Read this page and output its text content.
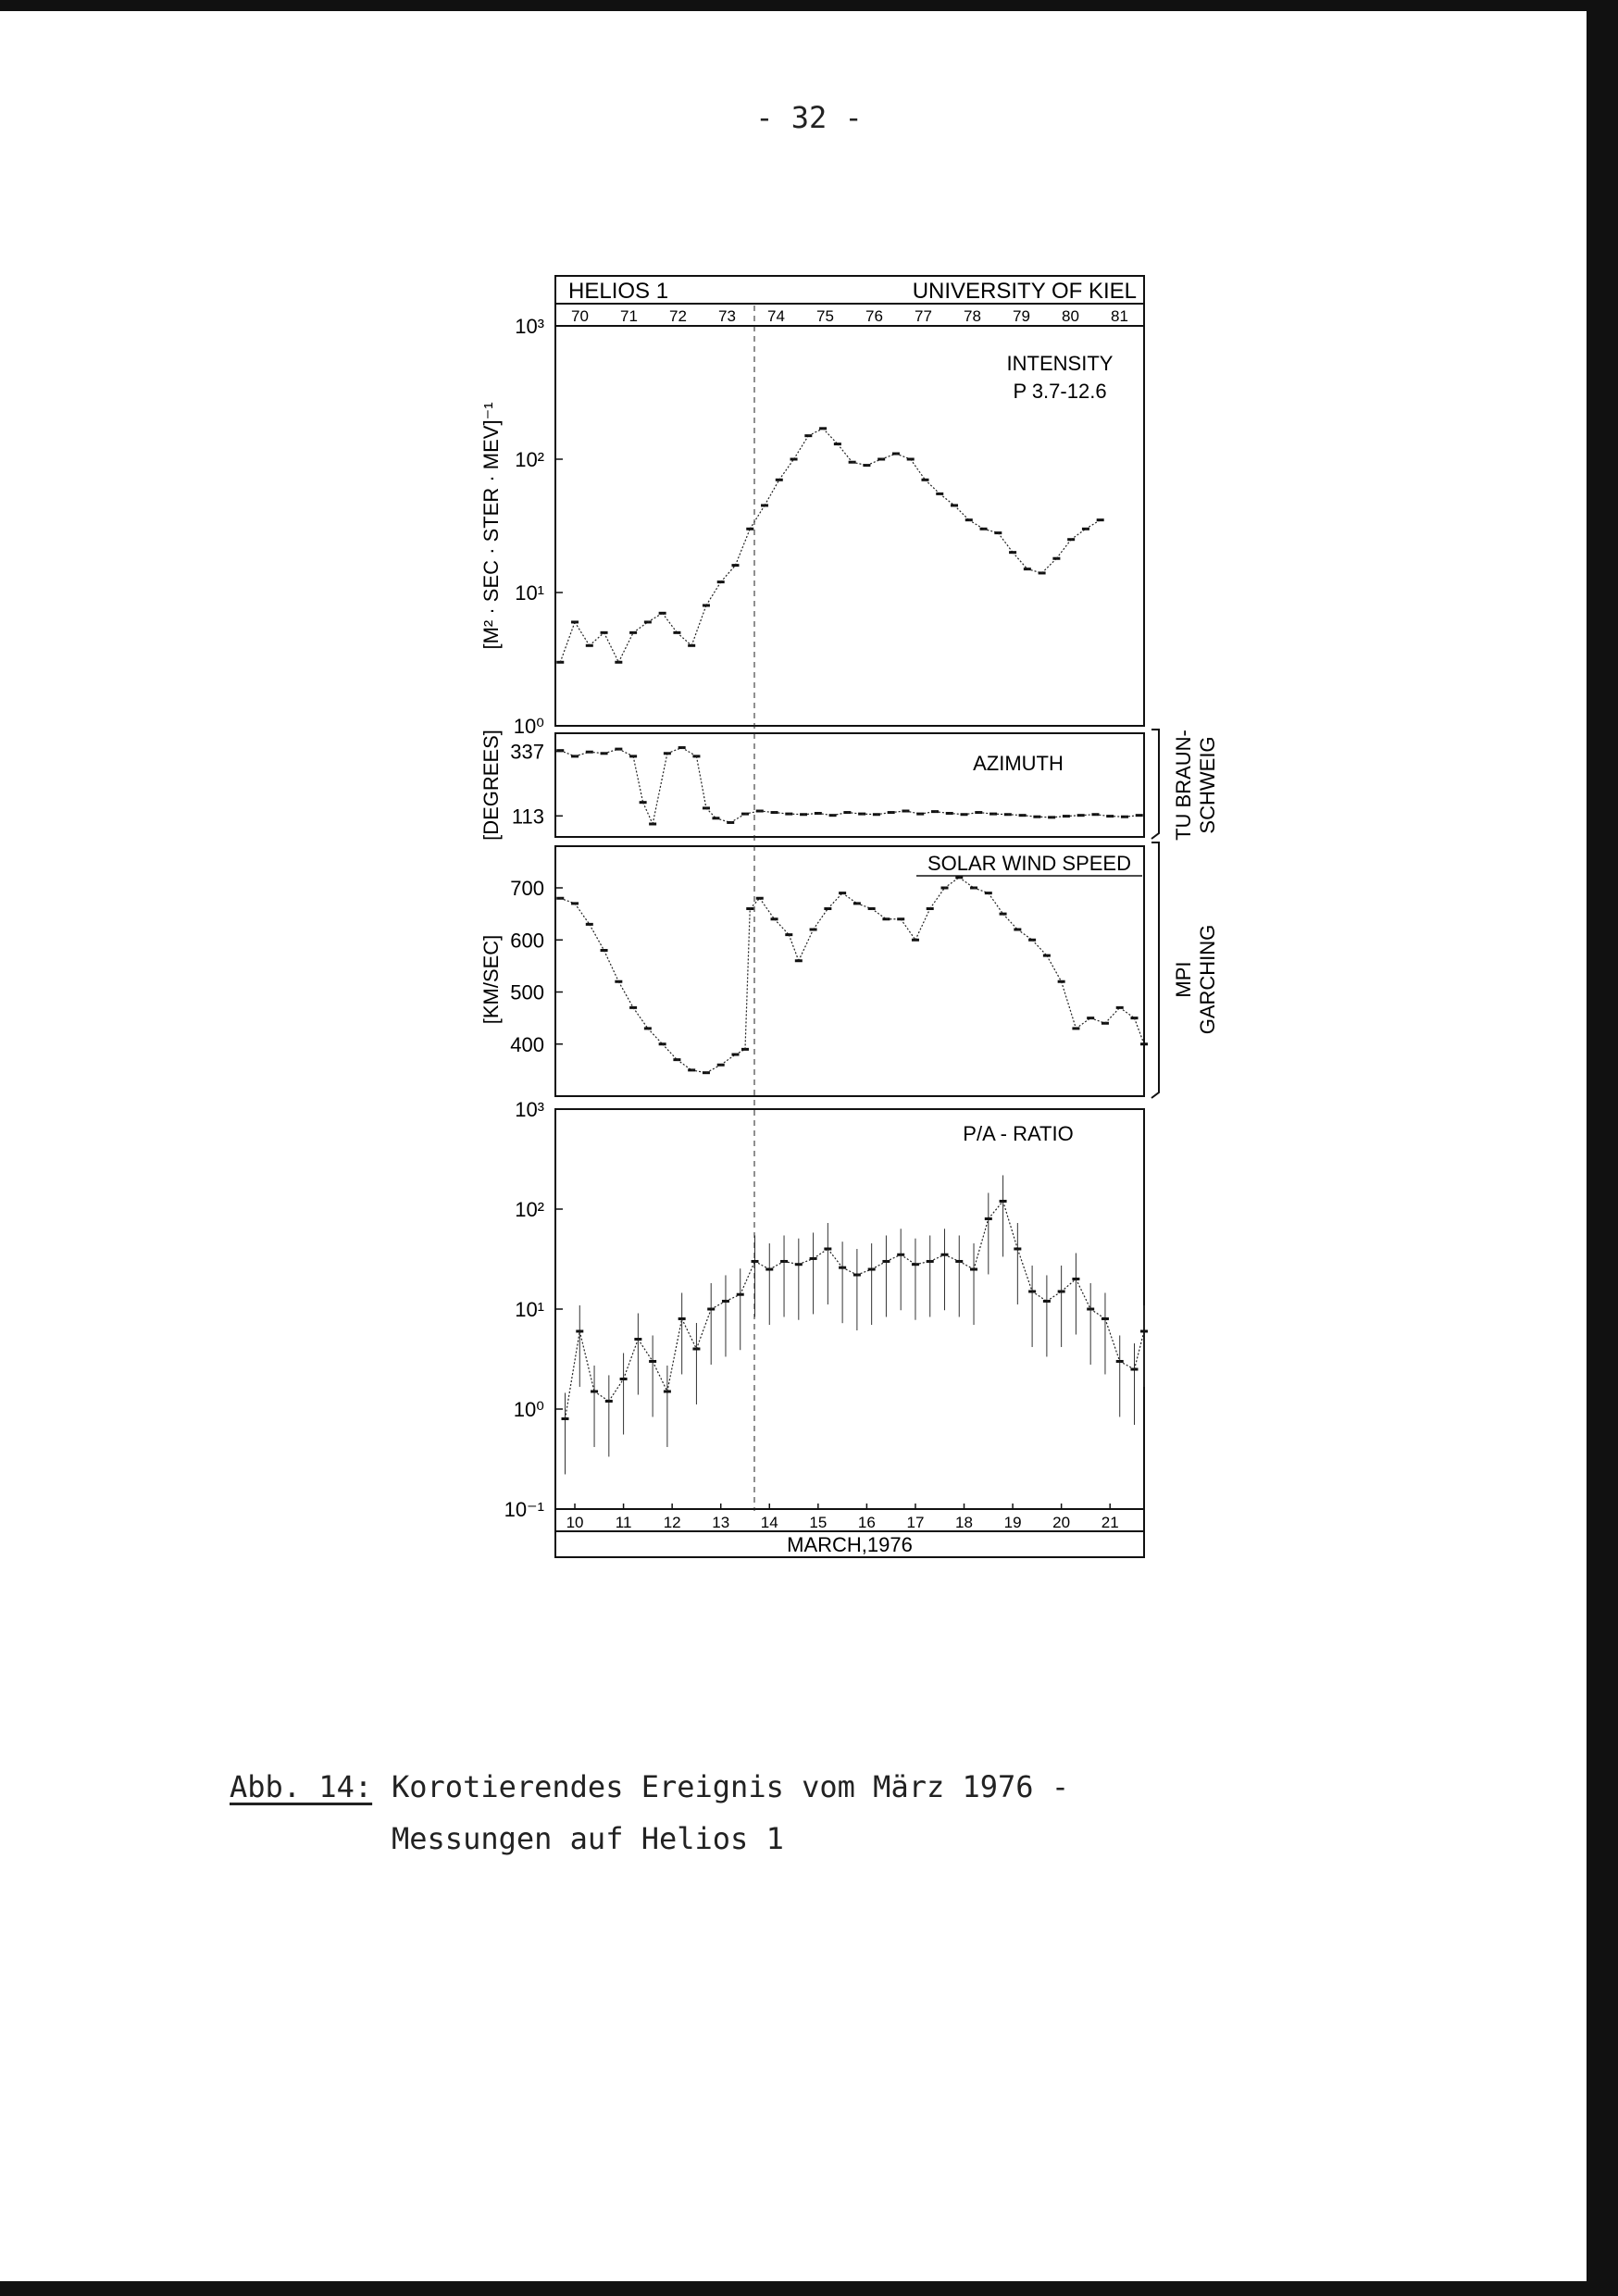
- 32 -
HELIOS 1	UNIVERSITY OF KIEL
70 71 72 73 74 75 76 77 78 79 80 81
INTENSITY
P 3.7-12.6
[M² · SEC · STER · MEV]⁻¹
10⁰
10¹
10²
10³
AZIMUTH
[DEGREES] 337
113	TU BRAUN- SCHWEIG
SOLAR WIND SPEED
[KM/SEC]
700
600
500
400
MPI GARCHING
P/A - RATIO
10⁻¹
10⁰
10¹
10²
10³
10 11 12 13 14 15 16 17 18 19 20 21
MARCH,1976
Abb. 14: Korotierendes Ereignis vom März 1976 -
Messungen auf Helios 1
